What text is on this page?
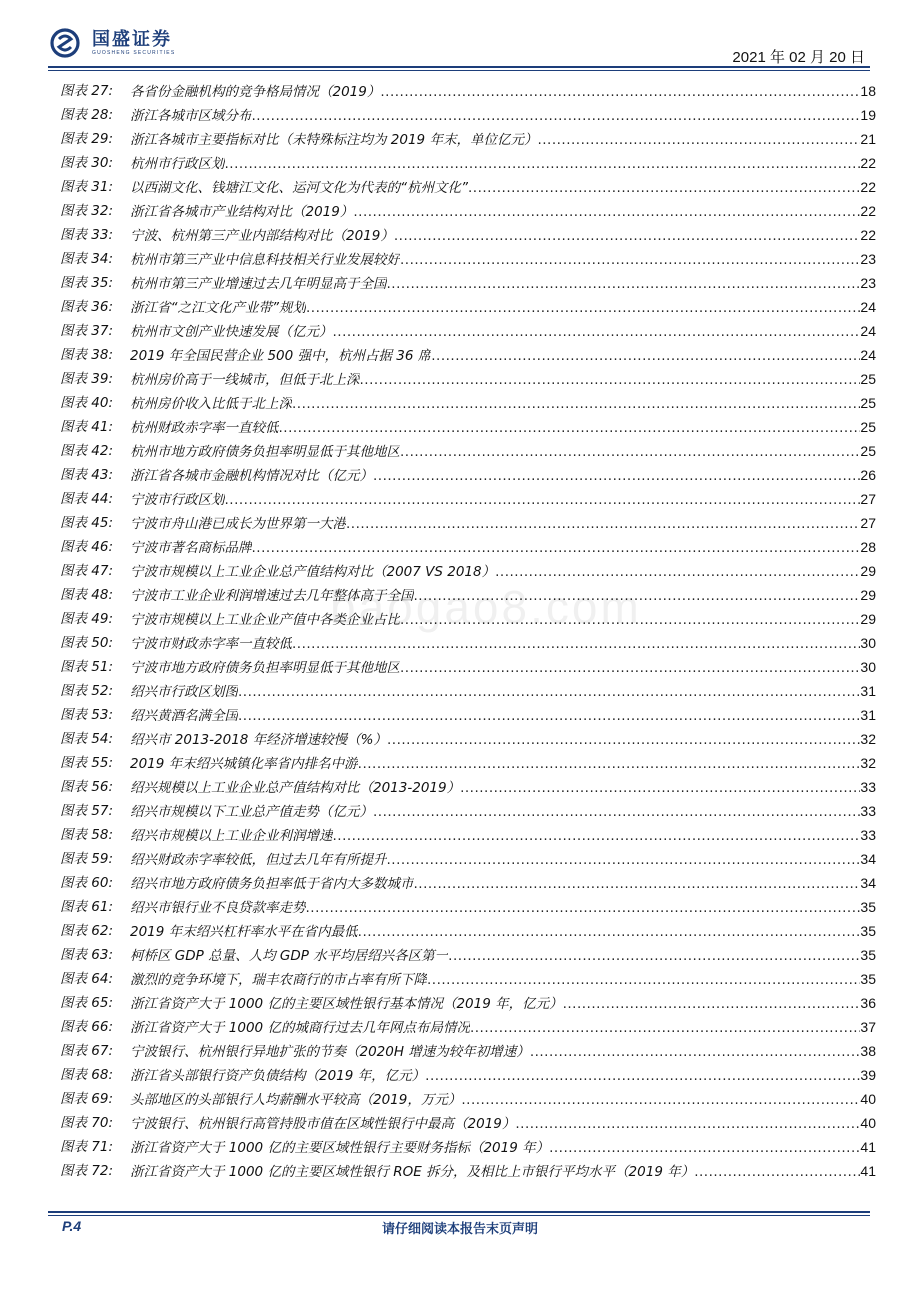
国盛证券
GUOSHENG SECURITIES	2021 年 02 月 20 日
图表 27:	各省份金融机构的竞争格局情况（2019） .....	18
图表 28:	浙江各城市区域分布 .....	19
图表 29:	浙江各城市主要指标对比（未特殊标注均为 2019 年末，单位亿元） .....	21
图表 30:	杭州市行政区划 .....	22
图表 31:	以西湖文化、钱塘江文化、运河文化为代表的“杭州文化” .....	22
图表 32:	浙江省各城市产业结构对比（2019） .....	22
图表 33:	宁波、杭州第三产业内部结构对比（2019） .....	22
图表 34:	杭州市第三产业中信息科技相关行业发展较好 .....	23
图表 35:	杭州市第三产业增速过去几年明显高于全国 .....	23
图表 36:	浙江省“之江文化产业带”规划 .....	24
图表 37:	杭州市文创产业快速发展（亿元） .....	24
图表 38:	2019 年全国民营企业 500 强中，杭州占据 36 席 .....	24
图表 39:	杭州房价高于一线城市，但低于北上深 .....	25
图表 40:	杭州房价收入比低于北上深 .....	25
图表 41:	杭州财政赤字率一直较低 .....	25
图表 42:	杭州市地方政府债务负担率明显低于其他地区 .....	25
图表 43:	浙江省各城市金融机构情况对比（亿元） .....	26
图表 44:	宁波市行政区划 .....	27
图表 45:	宁波市舟山港已成长为世界第一大港 .....	27
图表 46:	宁波市著名商标品牌 .....	28
图表 47:	宁波市规模以上工业企业总产值结构对比（2007 VS 2018） .....	29
图表 48:	宁波市工业企业利润增速过去几年整体高于全国 .....	29
图表 49:	宁波市规模以上工业企业产值中各类企业占比 .....	29
图表 50:	宁波市财政赤字率一直较低 .....	30
图表 51:	宁波市地方政府债务负担率明显低于其他地区 .....	30
图表 52:	绍兴市行政区划图 .....	31
图表 53:	绍兴黄酒名满全国 .....	31
图表 54:	绍兴市 2013-2018 年经济增速较慢（%） .....	32
图表 55:	2019 年末绍兴城镇化率省内排名中游 .....	32
图表 56:	绍兴规模以上工业企业总产值结构对比（2013-2019） .....	33
图表 57:	绍兴市规模以下工业总产值走势（亿元） .....	33
图表 58:	绍兴市规模以上工业企业利润增速 .....	33
图表 59:	绍兴财政赤字率较低，但过去几年有所提升 .....	34
图表 60:	绍兴市地方政府债务负担率低于省内大多数城市 .....	34
图表 61:	绍兴市银行业不良贷款率走势 .....	35
图表 62:	2019 年末绍兴杠杆率水平在省内最低 .....	35
图表 63:	柯桥区 GDP 总量、人均 GDP 水平均居绍兴各区第一 .....	35
图表 64:	激烈的竞争环境下，瑞丰农商行的市占率有所下降 .....	35
图表 65:	浙江省资产大于 1000 亿的主要区域性银行基本情况（2019 年，亿元） .....	36
图表 66:	浙江省资产大于 1000 亿的城商行过去几年网点布局情况 .....	37
图表 67:	宁波银行、杭州银行异地扩张的节奏（2020H 增速为较年初增速） .....	38
图表 68:	浙江省头部银行资产负债结构（2019 年，亿元） .....	39
图表 69:	头部地区的头部银行人均薪酬水平较高（2019，万元） .....	40
图表 70:	宁波银行、杭州银行高管持股市值在区域性银行中最高（2019） .....	40
图表 71:	浙江省资产大于 1000 亿的主要区域性银行主要财务指标（2019 年） .....	41
图表 72:	浙江省资产大于 1000 亿的主要区域性银行 ROE 拆分，及相比上市银行平均水平（2019 年） .....	41
baogao8.com
P.4	请仔细阅读本报告末页声明
